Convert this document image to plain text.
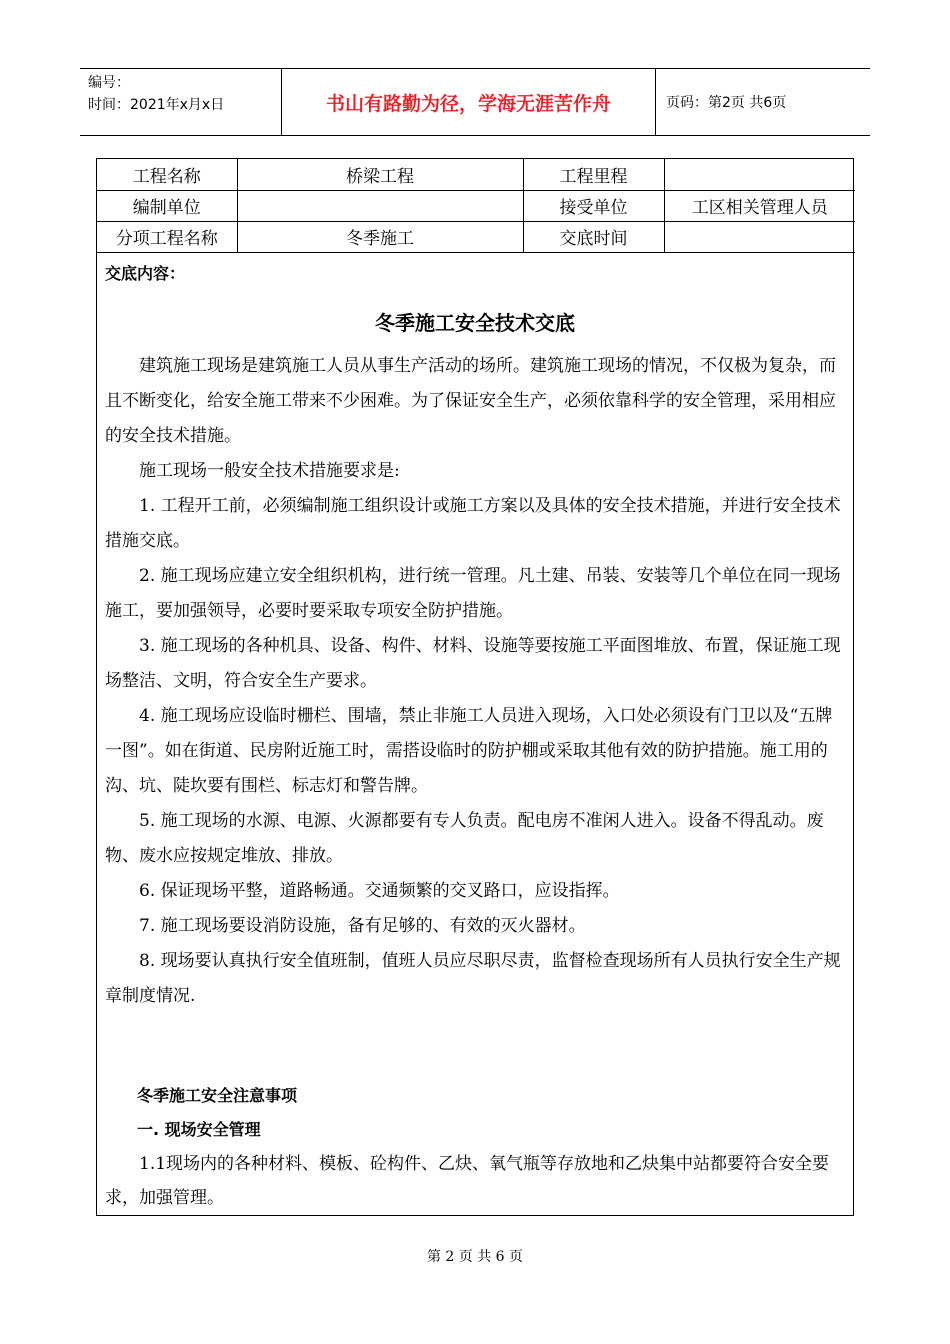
编号：
时间：2021年x月x日	书山有路勤为径，学海无涯苦作舟	页码：第2页 共6页
工程名称	桥梁工程	工程里程	
编制单位		接受单位	工区相关管理人员
分项工程名称	冬季施工	交底时间	
交底内容：
冬季施工安全技术交底

建筑施工现场是建筑施工人员从事生产活动的场所。建筑施工现场的情况，不仅极为复杂，而且不断变化，给安全施工带来不少困难。为了保证安全生产，必须依靠科学的安全管理，采用相应的安全技术措施。

施工现场一般安全技术措施要求是:

1. 工程开工前，必须编制施工组织设计或施工方案以及具体的安全技术措施，并进行安全技术措施交底。

2. 施工现场应建立安全组织机构，进行统一管理。凡土建、吊装、安装等几个单位在同一现场施工，要加强领导，必要时要采取专项安全防护措施。

3. 施工现场的各种机具、设备、构件、材料、设施等要按施工平面图堆放、布置，保证施工现场整洁、文明，符合安全生产要求。

4. 施工现场应设临时栅栏、围墙，禁止非施工人员进入现场，入口处必须设有门卫以及“五牌一图”。如在街道、民房附近施工时，需搭设临时的防护棚或采取其他有效的防护措施。施工用的沟、坑、陡坎要有围栏、标志灯和警告牌。

5. 施工现场的水源、电源、火源都要有专人负责。配电房不准闲人进入。设备不得乱动。废物、废水应按规定堆放、排放。

6. 保证现场平整，道路畅通。交通频繁的交叉路口，应设指挥。

7. 施工现场要设消防设施，备有足够的、有效的灭火器材。

8. 现场要认真执行安全值班制，值班人员应尽职尽责，监督检查现场所有人员执行安全生产规章制度情况.

冬季施工安全注意事项

一. 现场安全管理

1.1现场内的各种材料、模板、砼构件、乙炔、氧气瓶等存放地和乙炔集中站都要符合安全要求，加强管理。

第 2 页 共 6 页
